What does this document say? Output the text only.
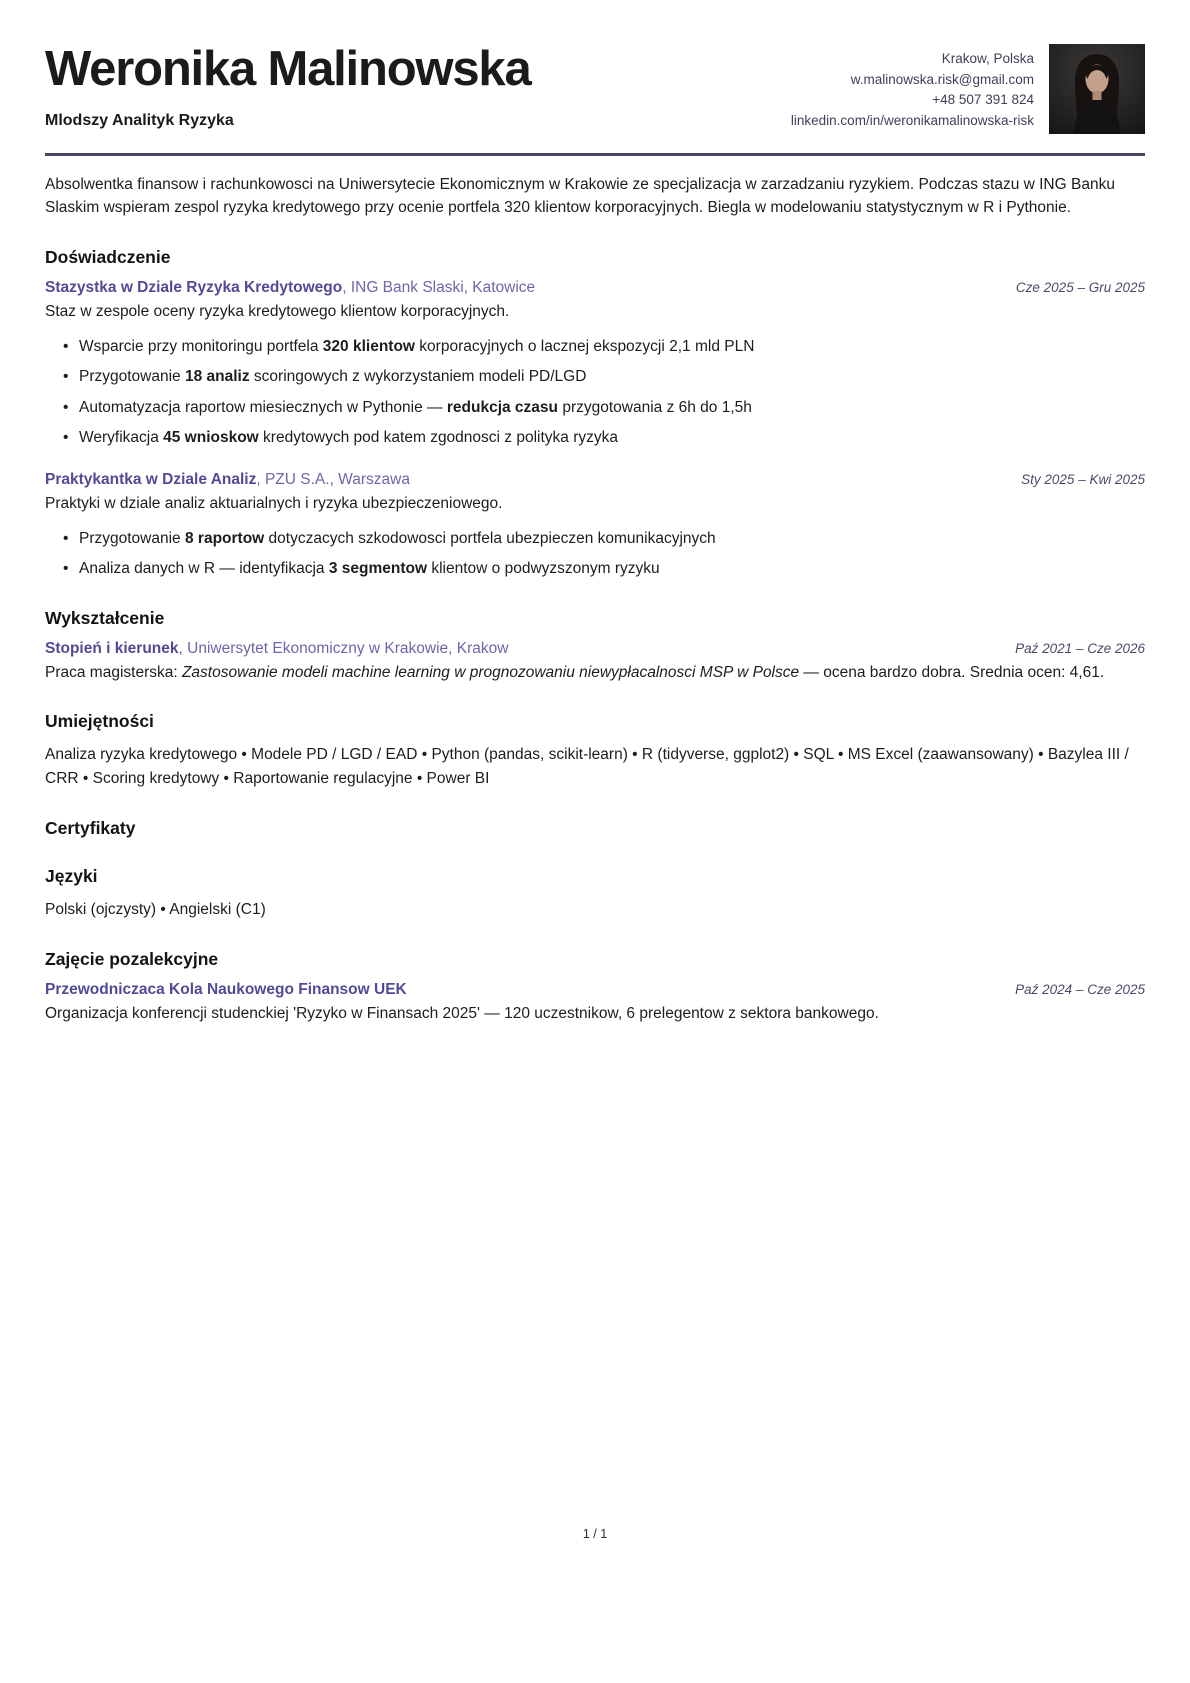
Weronika Malinowska
Mlodszy Analityk Ryzyka
Krakow, Polska
w.malinowska.risk@gmail.com
+48 507 391 824
linkedin.com/in/weronikamalinowska-risk

Absolwentka finansow i rachunkowosci na Uniwersytecie Ekonomicznym w Krakowie ze specjalizacja w zarzadzaniu ryzykiem. Podczas stazu w ING Banku Slaskim wspieram zespol ryzyka kredytowego przy ocenie portfela 320 klientow korporacyjnych. Biegla w modelowaniu statystycznym w R i Pythonie.

Doświadczenie
Stazystka w Dziale Ryzyka Kredytowego, ING Bank Slaski, Katowice	Cze 2025 – Gru 2025

Staz w zespole oceny ryzyka kredytowego klientow korporacyjnych.

• Wsparcie przy monitoringu portfela 320 klientow korporacyjnych o lacznej ekspozycji 2,1 mld PLN
• Przygotowanie 18 analiz scoringowych z wykorzystaniem modeli PD/LGD
• Automatyzacja raportow miesiecznych w Pythonie — redukcja czasu przygotowania z 6h do 1,5h
• Weryfikacja 45 wnioskow kredytowych pod katem zgodnosci z polityka ryzyka
Praktykantka w Dziale Analiz, PZU S.A., Warszawa	Sty 2025 – Kwi 2025

Praktyki w dziale analiz aktuarialnych i ryzyka ubezpieczeniowego.

• Przygotowanie 8 raportow dotyczacych szkodowosci portfela ubezpieczen komunikacyjnych
• Analiza danych w R — identyfikacja 3 segmentow klientow o podwyzszonym ryzyku
Wykształcenie
Stopień i kierunek, Uniwersytet Ekonomiczny w Krakowie, Krakow	Paź 2021 – Cze 2026

Praca magisterska: Zastosowanie modeli machine learning w prognozowaniu niewypłacalnosci MSP w Polsce — ocena bardzo dobra. Srednia ocen: 4,61.

Umiejętności

Analiza ryzyka kredytowego • Modele PD / LGD / EAD • Python (pandas, scikit-learn) • R (tidyverse, ggplot2) • SQL • MS Excel (zaawansowany) • Bazylea III / CRR • Scoring kredytowy • Raportowanie regulacyjne • Power BI

Certyfikaty
Języki

Polski (ojczysty) • Angielski (C1)

Zajęcie pozalekcyjne
Przewodniczaca Kola Naukowego Finansow UEK	Paź 2024 – Cze 2025

Organizacja konferencji studenckiej 'Ryzyko w Finansach 2025' — 120 uczestnikow, 6 prelegentow z sektora bankowego.

1 / 1
